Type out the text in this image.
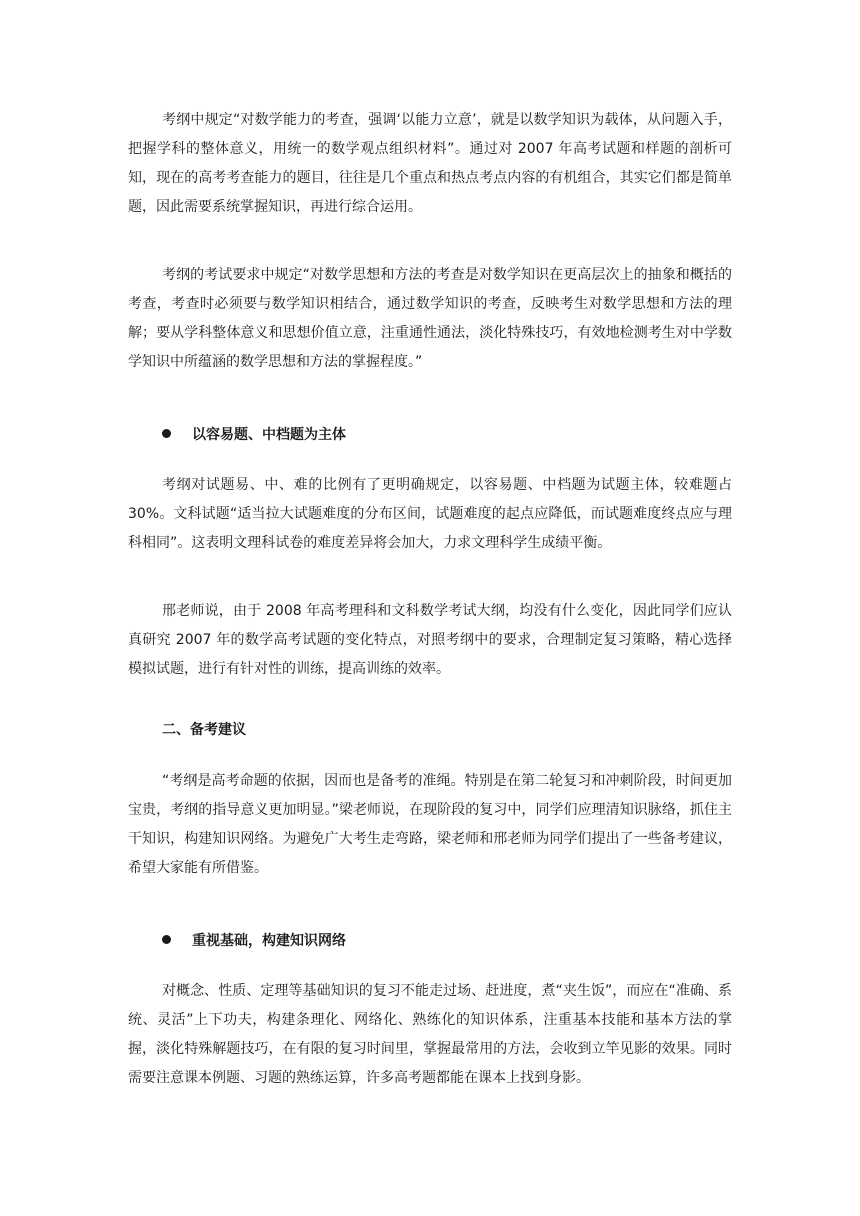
考纲中规定“对数学能力的考查，强调‘以能力立意’，就是以数学知识为载体，从问题入手，把握学科的整体意义，用统一的数学观点组织材料”。通过对 2007 年高考试题和样题的剖析可知，现在的高考考查能力的题目，往往是几个重点和热点考点内容的有机组合，其实它们都是简单题，因此需要系统掌握知识，再进行综合运用。

考纲的考试要求中规定“对数学思想和方法的考查是对数学知识在更高层次上的抽象和概括的考查，考查时必须要与数学知识相结合，通过数学知识的考查，反映考生对数学思想和方法的理解；要从学科整体意义和思想价值立意，注重通性通法，淡化特殊技巧，有效地检测考生对中学数学知识中所蕴涵的数学思想和方法的掌握程度。”

以容易题、中档题为主体

考纲对试题易、中、难的比例有了更明确规定，以容易题、中档题为试题主体，较难题占 30%。文科试题“适当拉大试题难度的分布区间，试题难度的起点应降低，而试题难度终点应与理科相同”。这表明文理科试卷的难度差异将会加大，力求文理科学生成绩平衡。

邢老师说，由于 2008 年高考理科和文科数学考试大纲，均没有什么变化，因此同学们应认真研究 2007 年的数学高考试题的变化特点，对照考纲中的要求，合理制定复习策略，精心选择模拟试题，进行有针对性的训练，提高训练的效率。

二、备考建议

“考纲是高考命题的依据，因而也是备考的准绳。特别是在第二轮复习和冲刺阶段，时间更加宝贵，考纲的指导意义更加明显。”梁老师说，在现阶段的复习中，同学们应理清知识脉络，抓住主干知识，构建知识网络。为避免广大考生走弯路，梁老师和邢老师为同学们提出了一些备考建议，希望大家能有所借鉴。

重视基础，构建知识网络

对概念、性质、定理等基础知识的复习不能走过场、赶进度，煮“夹生饭”，而应在“准确、系统、灵活”上下功夫，构建条理化、网络化、熟练化的知识体系，注重基本技能和基本方法的掌握，淡化特殊解题技巧，在有限的复习时间里，掌握最常用的方法，会收到立竿见影的效果。同时需要注意课本例题、习题的熟练运算，许多高考题都能在课本上找到身影。
